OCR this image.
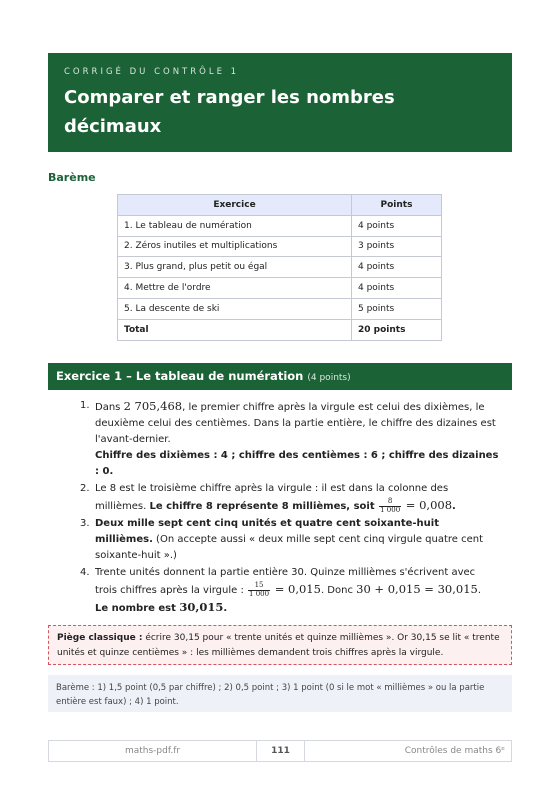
CORRIGÉ DU CONTRÔLE 1
Comparer et ranger les nombres
décimaux
Barème
Exercice	Points
1. Le tableau de numération	4 points
2. Zéros inutiles et multiplications	3 points
3. Plus grand, plus petit ou égal	4 points
4. Mettre de l'ordre	4 points
5. La descente de ski	5 points
Total	20 points
Exercice 1 – Le tableau de numération (4 points)
1. Dans 2 705,468, le premier chiffre après la virgule est celui des dixièmes, le deuxième celui des centièmes. Dans la partie entière, le chiffre des dizaines est l'avant-dernier.
Chiffre des dixièmes : 4 ; chiffre des centièmes : 6 ; chiffre des dizaines : 0.
2. Le 8 est le troisième chiffre après la virgule : il est dans la colonne des millièmes. Le chiffre 8 représente 8 millièmes, soit $\frac{8}{1 000} = 0,008$.
3. Deux mille sept cent cinq unités et quatre cent soixante-huit millièmes. (On accepte aussi « deux mille sept cent cinq virgule quatre cent soixante-huit ».)
4. Trente unités donnent la partie entière 30. Quinze millièmes s'écrivent avec trois chiffres après la virgule : $\frac{15}{1 000} = 0,015$. Donc 30 + 0,015 = 30,015.
Le nombre est 30,015.
Piège classique : écrire 30,15 pour « trente unités et quinze millièmes ». Or 30,15 se lit « trente unités et quinze centièmes » : les millièmes demandent trois chiffres après la virgule.
Barème : 1) 1,5 point (0,5 par chiffre) ; 2) 0,5 point ; 3) 1 point (0 si le mot « millièmes » ou la partie entière est faux) ; 4) 1 point.
maths-pdf.fr	111	Contrôles de maths 6ᵉ
